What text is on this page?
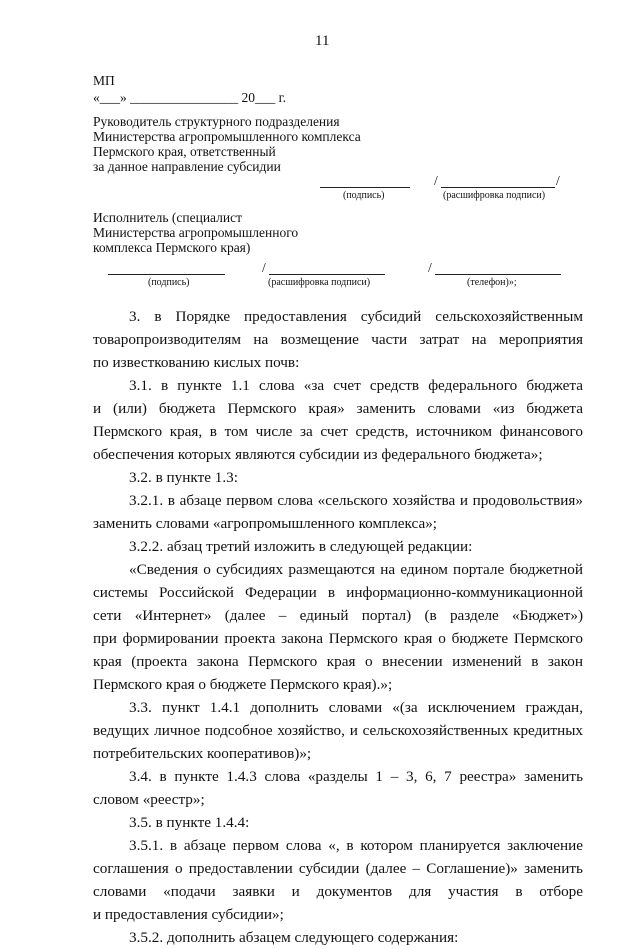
11
МП
«___» ________________ 20___ г.
Руководитель структурного подразделения
Министерства агропромышленного комплекса
Пермского края, ответственный
за данное направление субсидии
(подпись)
/	/
(расшифровка подписи)
Исполнитель (специалист
Министерства агропромышленного
комплекса Пермского края)
(подпись)
/
(расшифровка подписи)
/
(телефон)»;
3. в Порядке предоставления субсидий сельскохозяйственным
товаропроизводителям на возмещение части затрат на мероприятия
по известкованию кислых почв:
3.1. в пункте 1.1 слова «за счет средств федерального бюджета
и (или) бюджета Пермского края» заменить словами «из бюджета
Пермского края, в том числе за счет средств, источником финансового
обеспечения которых являются субсидии из федерального бюджета»;
3.2. в пункте 1.3:
3.2.1. в абзаце первом слова «сельского хозяйства и продовольствия»
заменить словами «агропромышленного комплекса»;
3.2.2. абзац третий изложить в следующей редакции:
«Сведения о субсидиях размещаются на едином портале бюджетной
системы Российской Федерации в информационно-коммуникационной
сети «Интернет» (далее – единый портал) (в разделе «Бюджет»)
при формировании проекта закона Пермского края о бюджете Пермского
края (проекта закона Пермского края о внесении изменений в закон
Пермского края о бюджете Пермского края).»;
3.3. пункт 1.4.1 дополнить словами «(за исключением граждан,
ведущих личное подсобное хозяйство, и сельскохозяйственных кредитных
потребительских кооперативов)»;
3.4. в пункте 1.4.3 слова «разделы 1 – 3, 6, 7 реестра» заменить
словом «реестр»;
3.5. в пункте 1.4.4:
3.5.1. в абзаце первом слова «, в котором планируется заключение
соглашения о предоставлении субсидии (далее – Соглашение)» заменить
словами «подачи заявки и документов для участия в отборе
и предоставления субсидии»;
3.5.2. дополнить абзацем следующего содержания:
